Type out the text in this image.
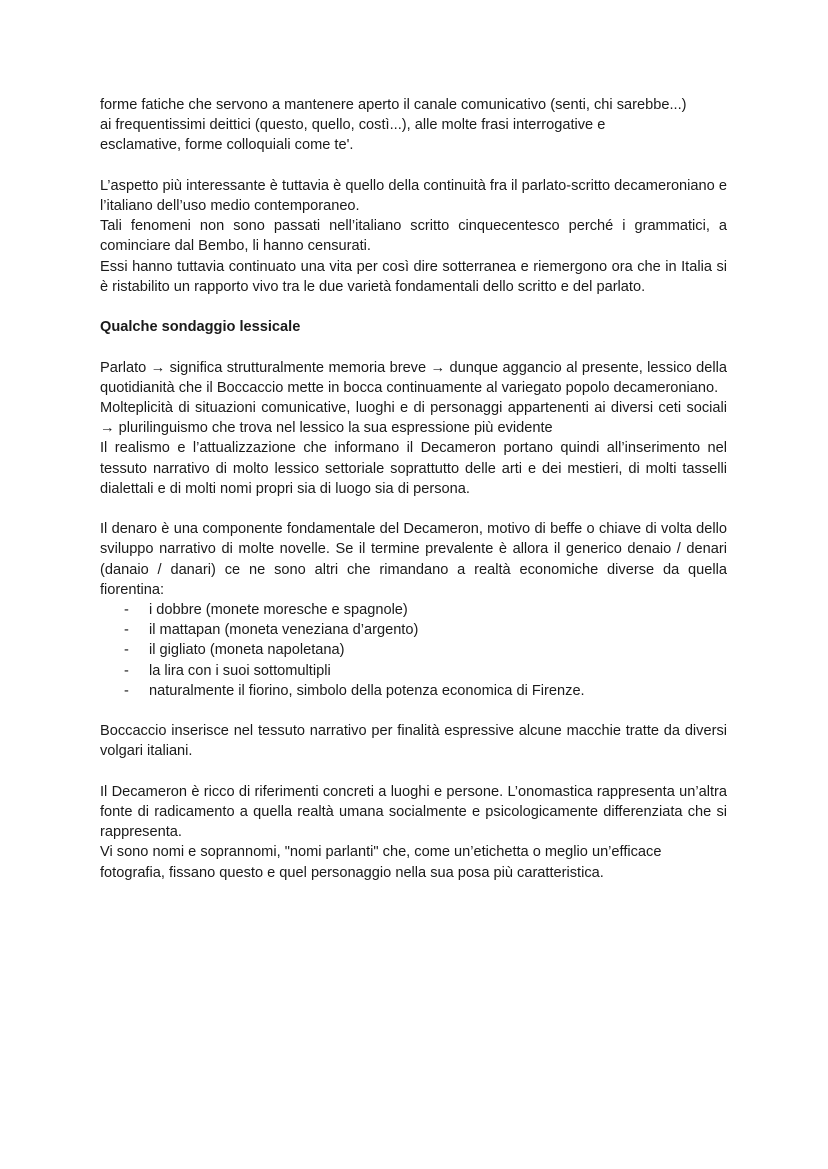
forme fatiche che servono a mantenere aperto il canale comunicativo (senti, chi sarebbe...)

ai frequentissimi deittici (questo, quello, costì...), alle molte frasi interrogative e

esclamative, forme colloquiali come te'.

L’aspetto più interessante è tuttavia è quello della continuità fra il parlato-scritto decameroniano e l’italiano dell’uso medio contemporaneo.

Tali fenomeni non sono passati nell’italiano scritto cinquecentesco perché i grammatici, a cominciare dal Bembo, li hanno censurati.

Essi hanno tuttavia continuato una vita per così dire sotterranea e riemergono ora che in Italia si è ristabilito un rapporto vivo tra le due varietà fondamentali dello scritto e del parlato.

Qualche sondaggio lessicale

Parlato → significa strutturalmente memoria breve → dunque aggancio al presente, lessico della quotidianità che il Boccaccio mette in bocca continuamente al variegato popolo decameroniano.

Molteplicità di situazioni comunicative, luoghi e di personaggi appartenenti ai diversi ceti sociali → plurilinguismo che trova nel lessico la sua espressione più evidente

Il realismo e l’attualizzazione che informano il Decameron portano quindi all’inserimento nel tessuto narrativo di molto lessico settoriale soprattutto delle arti e dei mestieri, di molti tasselli dialettali e di molti nomi propri sia di luogo sia di persona.

Il denaro è una componente fondamentale del Decameron, motivo di beffe o chiave di volta dello sviluppo narrativo di molte novelle. Se il termine prevalente è allora il generico denaio / denari (danaio / danari) ce ne sono altri che rimandano a realtà economiche diverse da quella fiorentina:

- i dobbre (monete moresche e spagnole)
- il mattapan (moneta veneziana d’argento)
- il gigliato (moneta napoletana)
- la lira con i suoi sottomultipli
- naturalmente il fiorino, simbolo della potenza economica di Firenze.

Boccaccio inserisce nel tessuto narrativo per finalità espressive alcune macchie tratte da diversi volgari italiani.

Il Decameron è ricco di riferimenti concreti a luoghi e persone. L’onomastica rappresenta un’altra fonte di radicamento a quella realtà umana socialmente e psicologicamente differenziata che si rappresenta.

Vi sono nomi e soprannomi, "nomi parlanti" che, come un’etichetta o meglio un’efficace

fotografia, fissano questo e quel personaggio nella sua posa più caratteristica.
